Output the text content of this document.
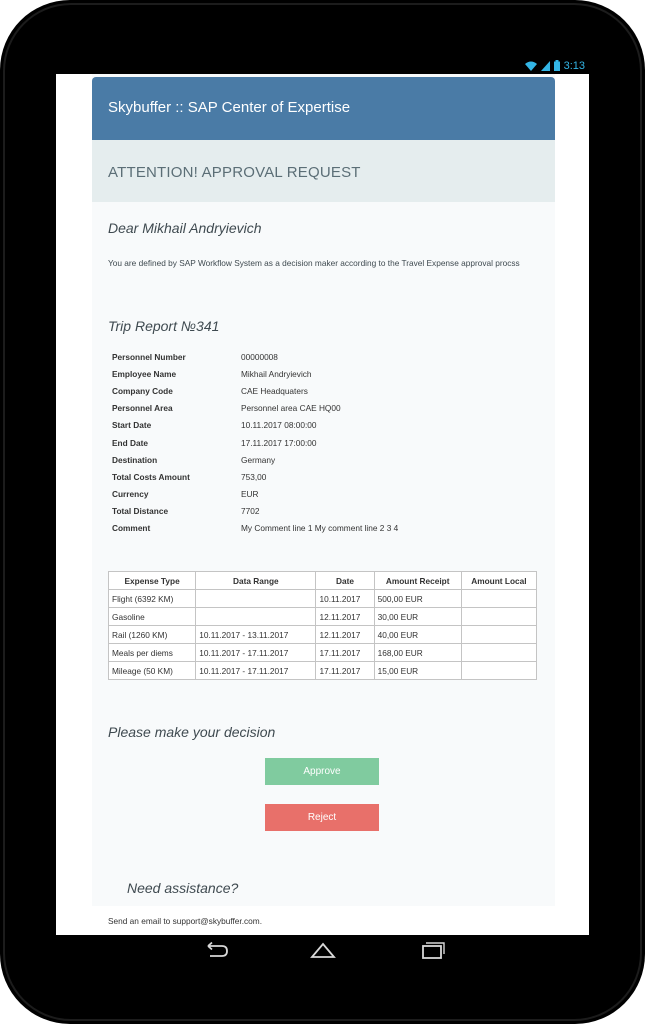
3:13
Skybuffer :: SAP Center of Expertise
ATTENTION! APPROVAL REQUEST
Dear Mikhail Andryievich
You are defined by SAP Workflow System as a decision maker according to the Travel Expense approval procss
Trip Report №341
Personnel Number	00000008
Employee Name	Mikhail Andryievich
Company Code	CAE Headquaters
Personnel Area	Personnel area CAE HQ00
Start Date	10.11.2017 08:00:00
End Date	17.11.2017 17:00:00
Destination	Germany
Total Costs Amount	753,00
Currency	EUR
Total Distance	7702
Comment	My Comment line 1 My comment line 2 3 4
Expense Type	Data Range	Date	Amount Receipt	Amount Local
Flight (6392 KM)		10.11.2017	500,00 EUR	
Gasoline		12.11.2017	30,00 EUR	
Rail (1260 KM)	10.11.2017 - 13.11.2017	12.11.2017	40,00 EUR	
Meals per diems	10.11.2017 - 17.11.2017	17.11.2017	168,00 EUR	
Mileage (50 KM)	10.11.2017 - 17.11.2017	17.11.2017	15,00 EUR	
Please make your decision
Approve
Reject
Need assistance?
Send an email to support@skybuffer.com.
